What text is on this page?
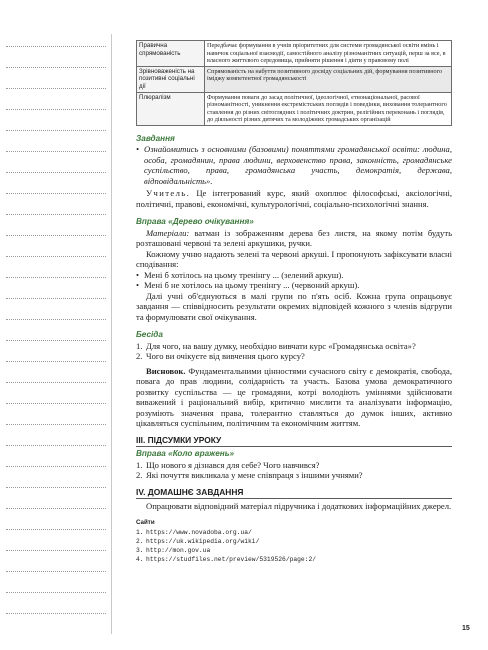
Правична спрямованість	Передбачає формування в учнів пріоритетних для системи громадянської освіти вмінь і навичок соціальної взаємодії, самостійного аналізу різноманітних ситуацій, перш за все, в власного життєвого середовища, прийняти рішення і діяти у правовому полі
Зрівноваженість на позитивні соціальні дії	Спрямованість на набуття позитивного досвіду соціальних дій, формування позитивного іміджу компетентної громадянськості
Плюралізм	Формування поваги до засад політичної, ідеологічної, етнонаціональної, расової різноманітності, уникнення екстремістських поглядів і поведінки, виховання толерантного ставлення до різних світоглядних і політичних доктрин, релігійних переконань і поглядів, до діяльності різних дитячих та молодіжних громадських організацій
Завдання
• Ознайомитись з основними (базовими) поняттями громадянської освіти: людина, особа, громадянин, права людини, верховенство права, законність, громадянське суспільство, права, громадянська участь, демократія, держава, відповідальність».

Учитель. Це інтегрований курс, який охоплює філософські, аксіологічні, політичні, правові, економічні, культурологічні, соціально-психологічні знання.

Вправа «Дерево очікування»

Матеріали: ватман із зображенням дерева без листя, на якому потім будуть розташовані червоні та зелені аркушики, ручки.

Кожному учню надають зелені та червоні аркуші. І пропонують зафіксувати власні сподівання:

• Мені б хотілось на цьому тренінгу ... (зелений аркуш).
• Мені б не хотілось на цьому тренінгу ... (червоний аркуш).

Далі учні об'єднуються в малі групи по п'ять осіб. Кожна група опрацьовує завдання — співвідносить результати окремих відповідей кожного з членів відгрупи та формулювати свої очікування.

Бесіда
1. Для чого, на вашу думку, необхідно вивчати курс «Громадянська освіта»?
2. Чого ви очікуєте від вивчення цього курсу?

Висновок. Фундаментальними цінностями сучасного світу є демократія, свобода, повага до прав людини, солідарність та участь. Базова умова демократичного розвитку суспільства — це громадяни, котрі володіють уміннями здійснювати виважений і раціональний вибір, критично мислити та аналізувати інформацію, розуміють значення права, толерантно ставляться до думок інших, активно цікавляться суспільним, політичним та економічним життям.

III. ПІДСУМКИ УРОКУ
Вправа «Коло вражень»
1. Що нового я дізнався для себе? Чого навчився?
2. Які почуття викликала у мене співпраця з іншими учнями?
IV. ДОМАШНЄ ЗАВДАННЯ

Опрацювати відповідний матеріал підручника і додаткових інформаційних джерел.

Сайти
1. https://www.novadoba.org.ua/
2. https://uk.wikipedia.org/wiki/
3. http://mon.gov.ua
4. https://studfiles.net/preview/5319526/page:2/
15
